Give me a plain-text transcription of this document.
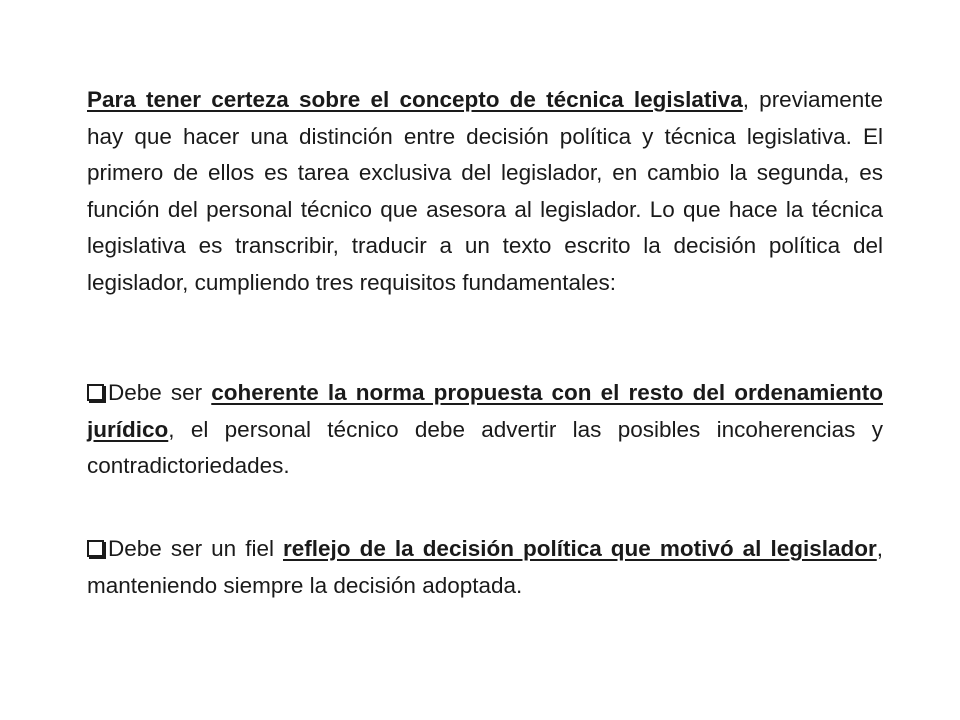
Para tener certeza sobre el concepto de técnica legislativa, previamente hay que hacer una distinción entre decisión política y técnica legislativa. El primero de ellos es tarea exclusiva del legislador, en cambio la segunda, es función del personal técnico que asesora al legislador. Lo que hace la técnica legislativa es transcribir, traducir a un texto escrito la decisión política del legislador, cumpliendo tres requisitos fundamentales:

Debe ser coherente la norma propuesta con el resto del ordenamiento jurídico, el personal técnico debe advertir las posibles incoherencias y contradictoriedades.

Debe ser un fiel reflejo de la decisión política que motivó al legislador, manteniendo siempre la decisión adoptada.
